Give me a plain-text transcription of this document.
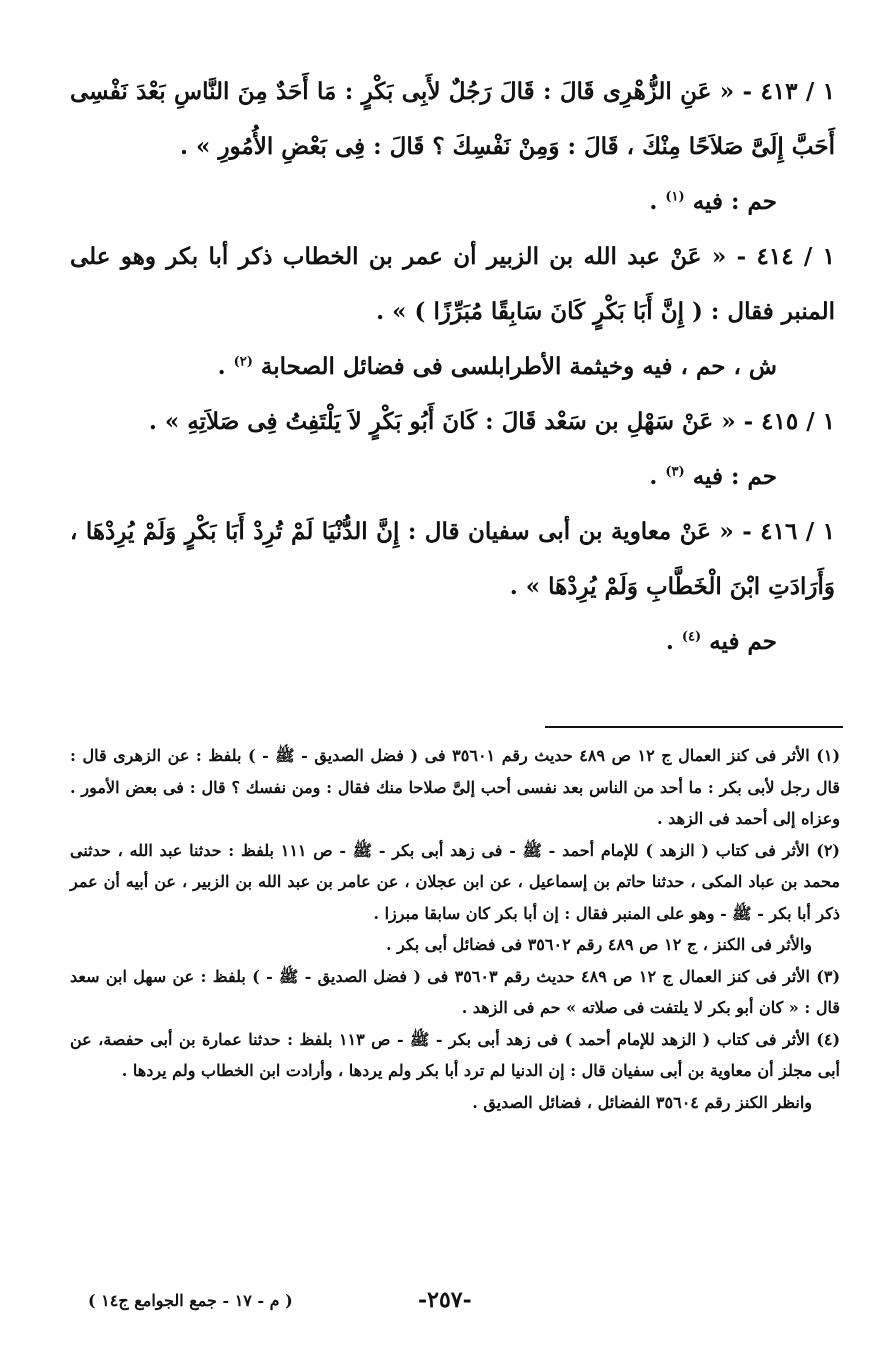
١ / ٤١٣ - « عَنِ الزُّهْرِى قَالَ : قَالَ رَجُلٌ لأَبِى بَكْرٍ : مَا أَحَدٌ مِنَ النَّاسِ بَعْدَ نَفْسِى أَحَبَّ إِلَىَّ صَلاَحًا مِنْكَ ، قَالَ : وَمِنْ نَفْسِكَ ؟ قَالَ : فِى بَعْضِ الأُمُورِ » .

حم : فيه $^{(١)}$ .

١ / ٤١٤ - « عَنْ عبد الله بن الزبير أن عمر بن الخطاب ذكر أبا بكر وهو على المنبر فقال : ( إِنَّ أَبَا بَكْرٍ كَانَ سَابِقًا مُبَرِّزًا ) » .

ش ، حم ، فيه وخيثمة الأطرابلسى فى فضائل الصحابة $^{(٢)}$ .

١ / ٤١٥ - « عَنْ سَهْلِ بن سَعْد قَالَ : كَانَ أَبُو بَكْرٍ لاَ يَلْتَفِتُ فِى صَلاَتِهِ » .

حم : فيه $^{(٣)}$ .

١ / ٤١٦ - « عَنْ معاوية بن أبى سفيان قال : إِنَّ الدُّنْيَا لَمْ تُرِدْ أَبَا بَكْرٍ وَلَمْ يُرِدْهَا ، وَأَرَادَتِ ابْنَ الْخَطَّابِ وَلَمْ يُرِدْهَا » .

حم فيه $^{(٤)}$ .

(١) الأثر فى كنز العمال ج ١٢ ص ٤٨٩ حديث رقم ٣٥٦٠١ فى ( فضل الصديق - ﷺ - ) بلفظ : عن الزهرى قال : قال رجل لأبى بكر : ما أحد من الناس بعد نفسى أحب إلىَّ صلاحا منك فقال : ومن نفسك ؟ قال : فى بعض الأمور . وعزاه إلى أحمد فى الزهد .

(٢) الأثر فى كتاب ( الزهد ) للإمام أحمد - ﷺ - فى زهد أبى بكر - ﷺ - ص ١١١ بلفظ : حدثنا عبد الله ، حدثنى محمد بن عباد المكى ، حدثنا حاتم بن إسماعيل ، عن ابن عجلان ، عن عامر بن عبد الله بن الزبير ، عن أبيه أن عمر ذكر أبا بكر - ﷺ - وهو على المنبر فقال : إن أبا بكر كان سابقا مبرزا .

والأثر فى الكنز ، ج ١٢ ص ٤٨٩ رقم ٣٥٦٠٢ فى فضائل أبى بكر .

(٣) الأثر فى كنز العمال ج ١٢ ص ٤٨٩ حديث رقم ٣٥٦٠٣ فى ( فضل الصديق - ﷺ - ) بلفظ : عن سهل ابن سعد قال : « كان أبو بكر لا يلتفت فى صلاته » حم فى الزهد .

(٤) الأثر فى كتاب ( الزهد للإمام أحمد ) فى زهد أبى بكر - ﷺ - ص ١١٣ بلفظ : حدثنا عمارة بن أبى حفصة، عن أبى مجلز أن معاوية بن أبى سفيان قال : إن الدنيا لم ترد أبا بكر ولم يردها ، وأرادت ابن الخطاب ولم يردها .

وانظر الكنز رقم ٣٥٦٠٤ الفضائل ، فضائل الصديق .

-٢٥٧-
( م - ١٧ - جمع الجوامع ج١٤ )
